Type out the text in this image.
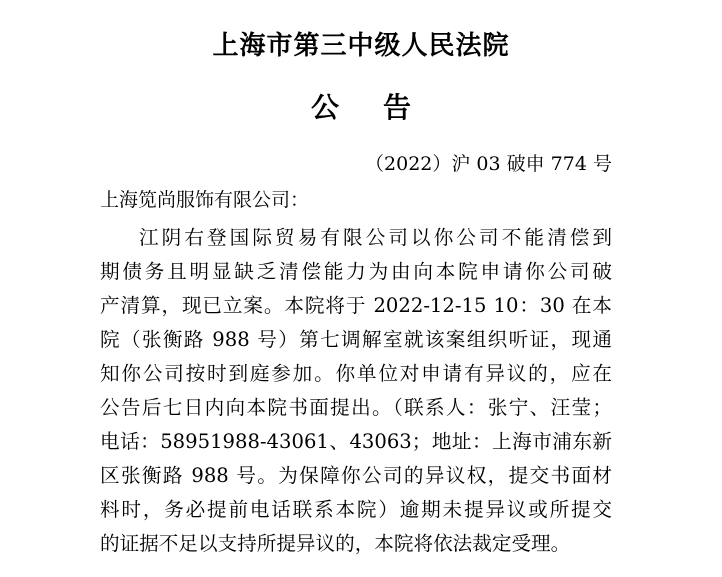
上海市第三中级人民法院
公 告
（2022）沪 03 破申 774 号
上海笕尚服饰有限公司：
江阴右登国际贸易有限公司以你公司不能清偿到
期债务且明显缺乏清偿能力为由向本院申请你公司破
产清算，现已立案。本院将于 2022-12-15 10：30 在本
院（张衡路 988 号）第七调解室就该案组织听证，现通
知你公司按时到庭参加。你单位对申请有异议的，应在
公告后七日内向本院书面提出。（联系人：张宁、汪莹；
电话：58951988-43061、43063；地址：上海市浦东新
区张衡路 988 号。为保障你公司的异议权，提交书面材
料时，务必提前电话联系本院）逾期未提异议或所提交
的证据不足以支持所提异议的，本院将依法裁定受理。
